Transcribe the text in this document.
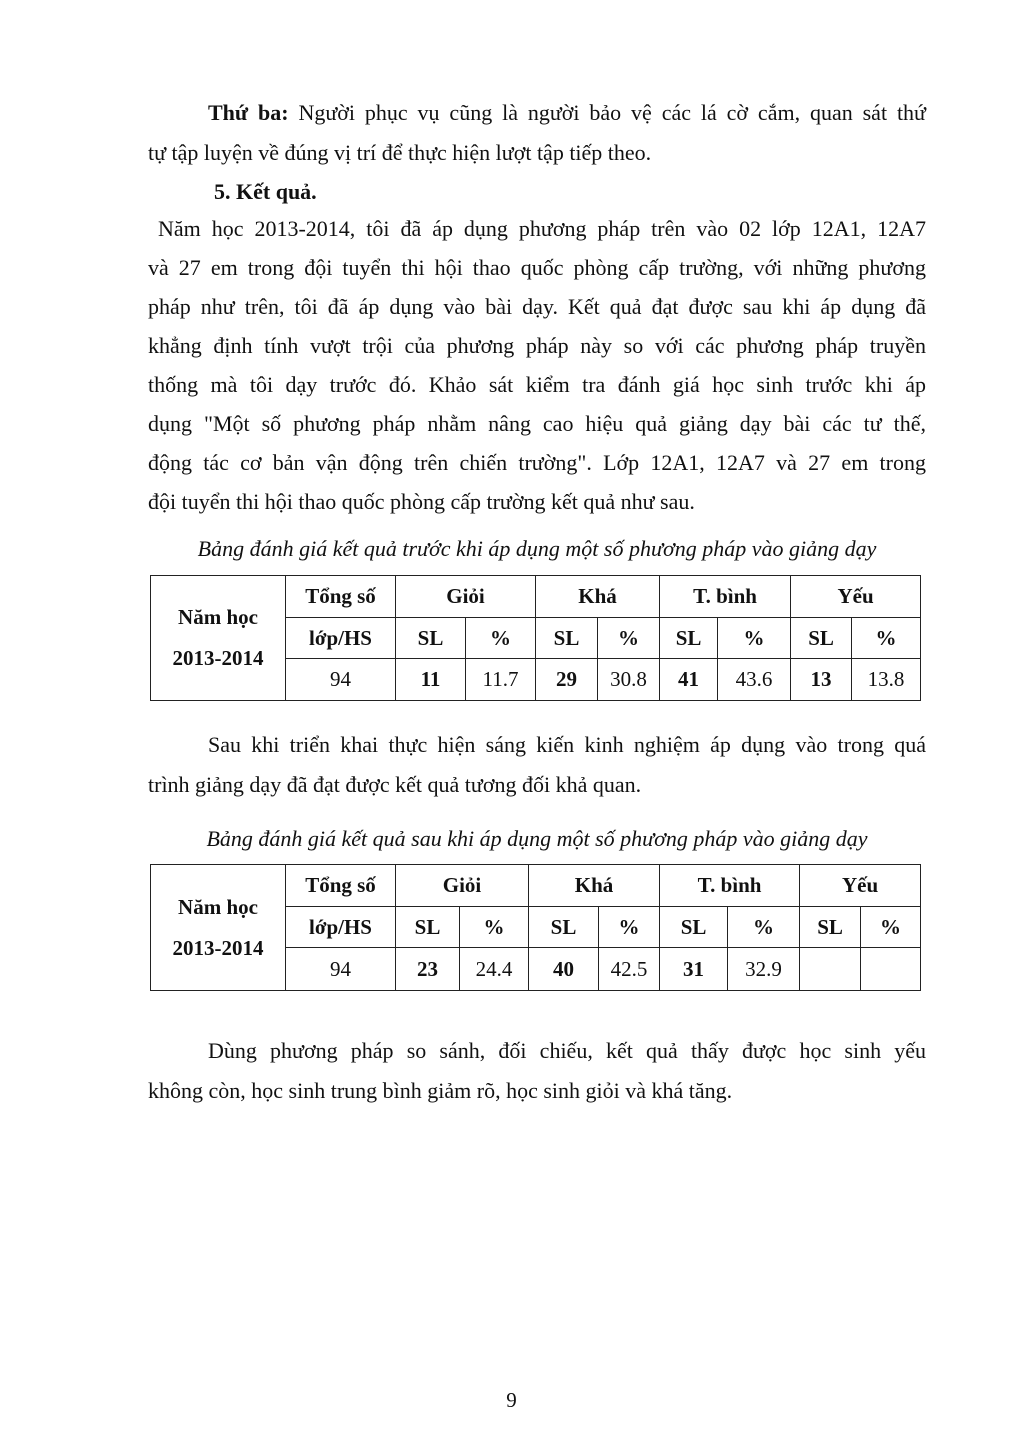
Thứ ba: Người phục vụ cũng là người bảo vệ các lá cờ cắm, quan sát thứ
tự tập luyện về đúng vị trí để thực hiện lượt tập tiếp theo.
5. Kết quả.
Năm học 2013-2014, tôi đã áp dụng phương pháp trên vào 02 lớp 12A1, 12A7
và 27 em trong đội tuyển thi hội thao quốc phòng cấp trường, với những phương
pháp như trên, tôi đã áp dụng vào bài dạy. Kết quả đạt được sau khi áp dụng đã
khẳng định tính vượt trội của phương pháp này so với các phương pháp truyền
thống mà tôi dạy trước đó. Khảo sát kiểm tra đánh giá học sinh trước khi áp
dụng "Một số phương pháp nhằm nâng cao hiệu quả giảng dạy bài các tư thế,
động tác cơ bản vận động trên chiến trường". Lớp 12A1, 12A7 và 27 em trong
đội tuyển thi hội thao quốc phòng cấp trường kết quả như sau.
Bảng đánh giá kết quả trước khi áp dụng một số phương pháp vào giảng dạy
Năm học
2013-2014	Tổng số	Giỏi		Khá		T. bình		Yếu	
	lớp/HS	SL	%	SL	%	SL	%	SL	%
	94	11	11.7	29	30.8	41	43.6	13	13.8
Sau khi triển khai thực hiện sáng kiến kinh nghiệm áp dụng vào trong quá
trình giảng dạy đã đạt được kết quả tương đối khả quan.
Bảng đánh giá kết quả sau khi áp dụng một số phương pháp vào giảng dạy
Năm học
2013-2014	Tổng số	Giỏi		Khá		T. bình		Yếu	
	lớp/HS	SL	%	SL	%	SL	%	SL	%
	94	23	24.4	40	42.5	31	32.9		
Dùng phương pháp so sánh, đối chiếu, kết quả thấy được học sinh yếu
không còn, học sinh trung bình giảm rõ, học sinh giỏi và khá tăng.
9
